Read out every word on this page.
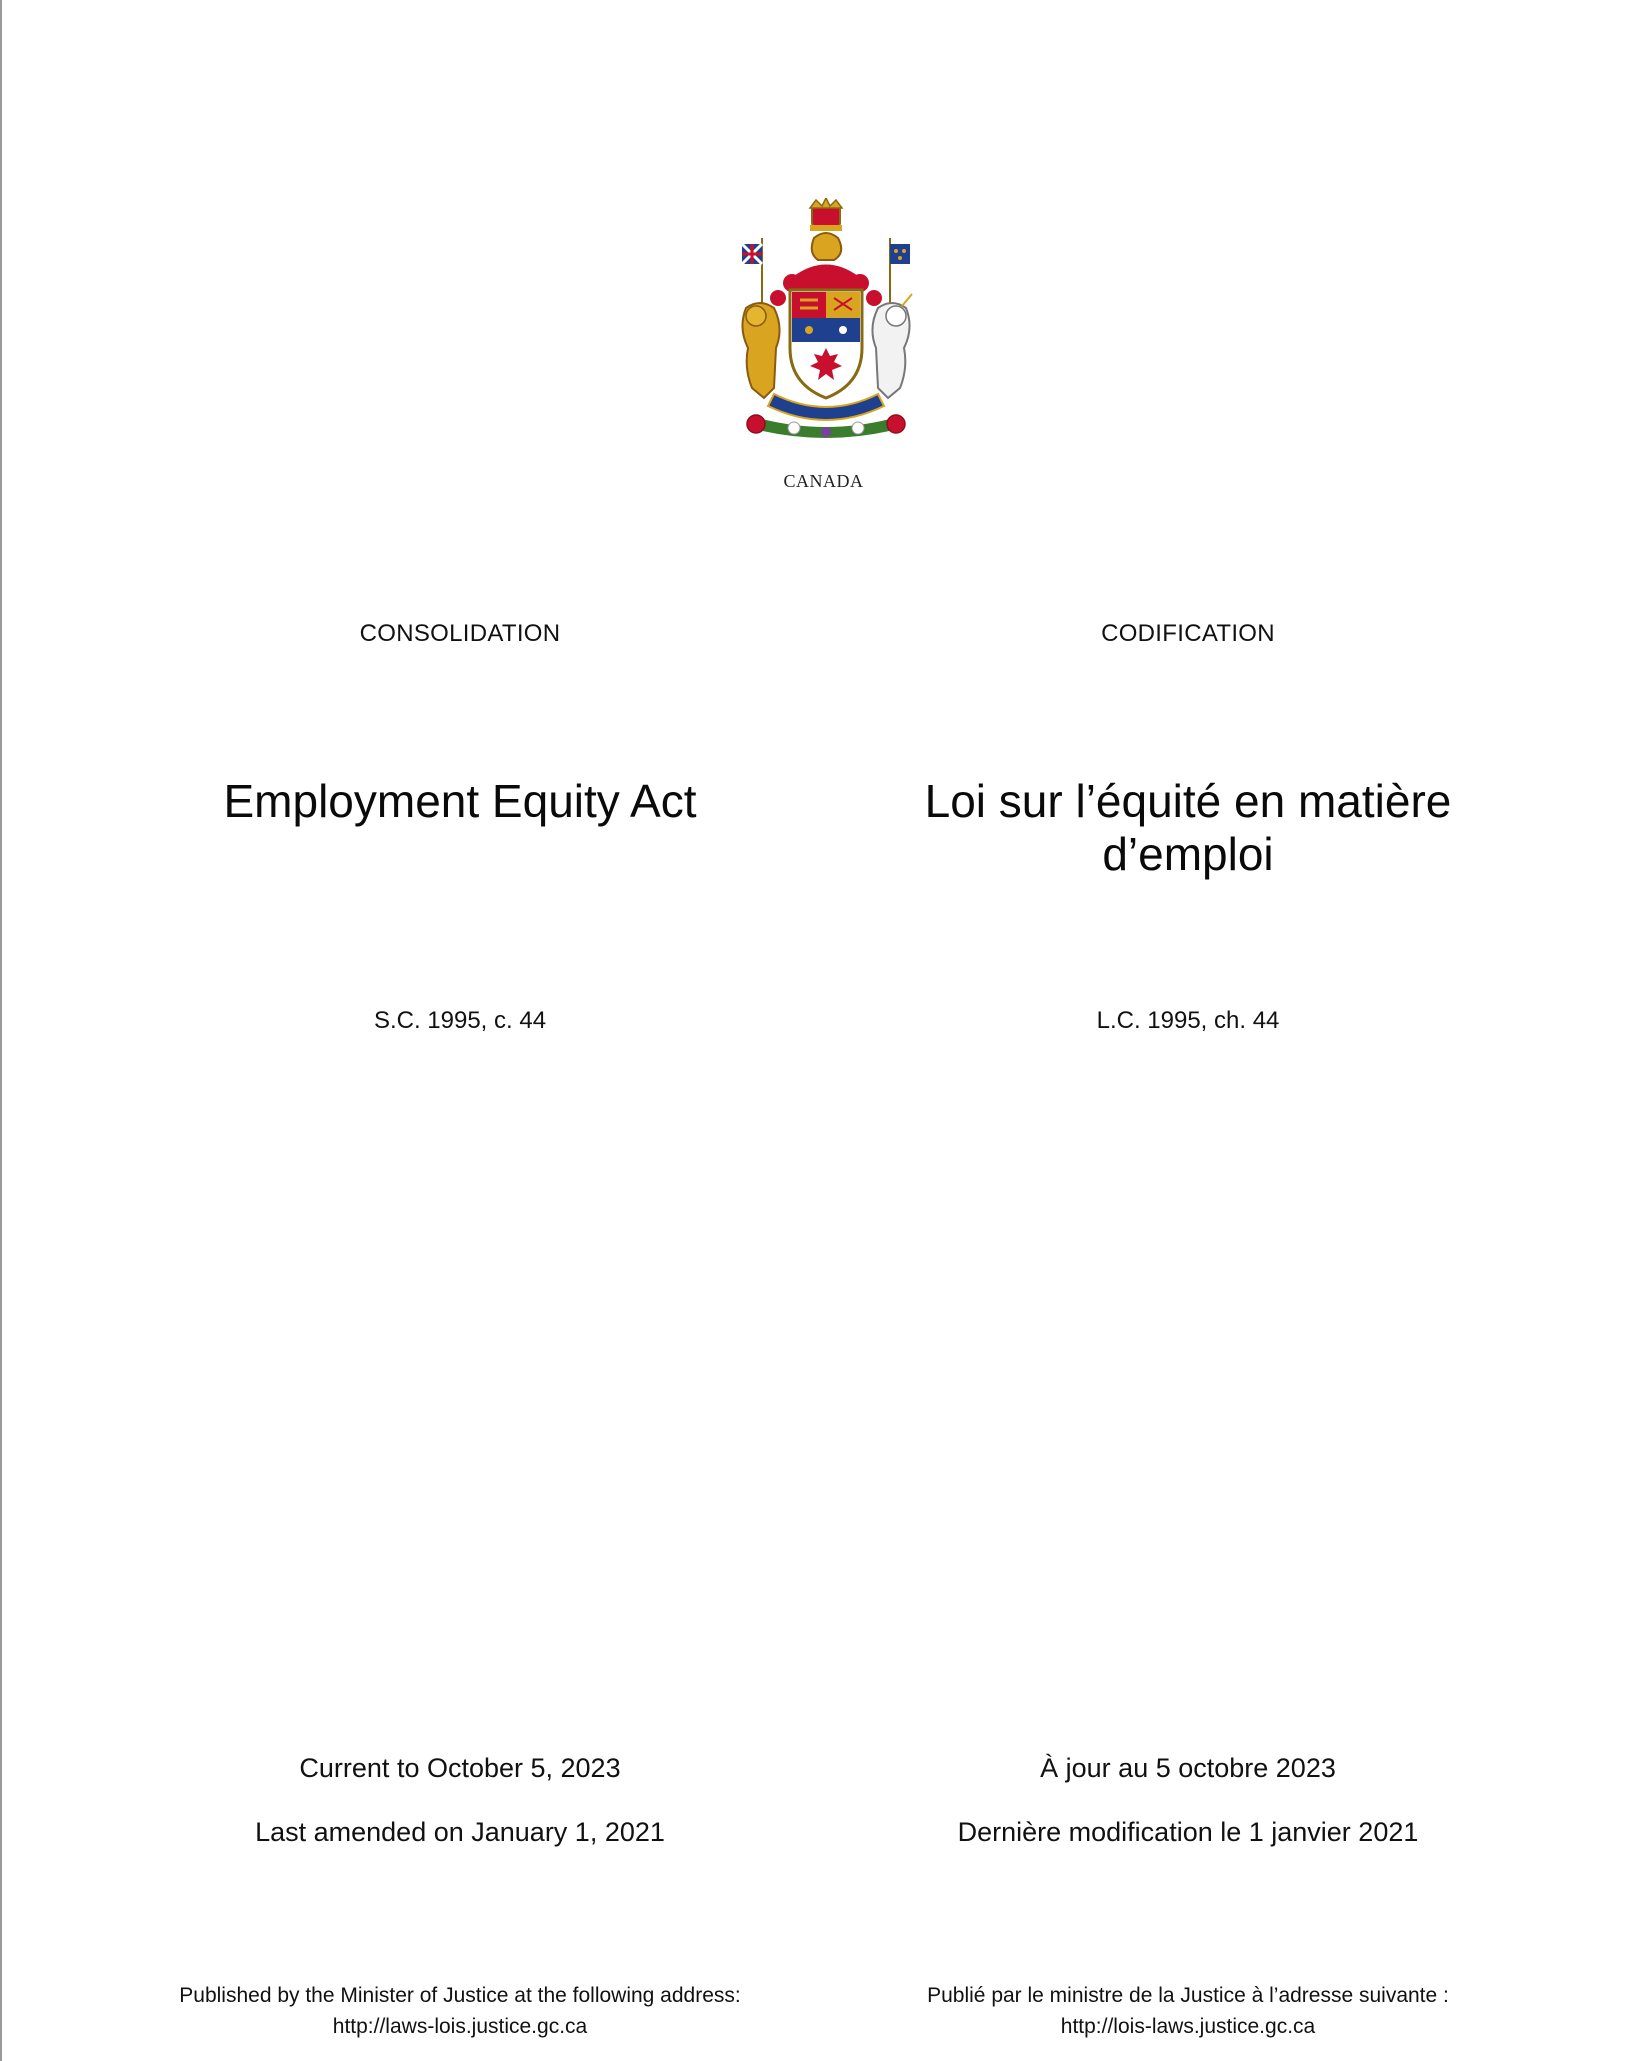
CANADA
CONSOLIDATION	CODIFICATION
Employment Equity Act	Loi sur l’équité en matière d’emploi
S.C. 1995, c. 44	L.C. 1995, ch. 44
Current to October 5, 2023	À jour au 5 octobre 2023
Last amended on January 1, 2021	Dernière modification le 1 janvier 2021
Published by the Minister of Justice at the following address:
http://laws-lois.justice.gc.ca
Publié par le ministre de la Justice à l’adresse suivante :
http://lois-laws.justice.gc.ca
